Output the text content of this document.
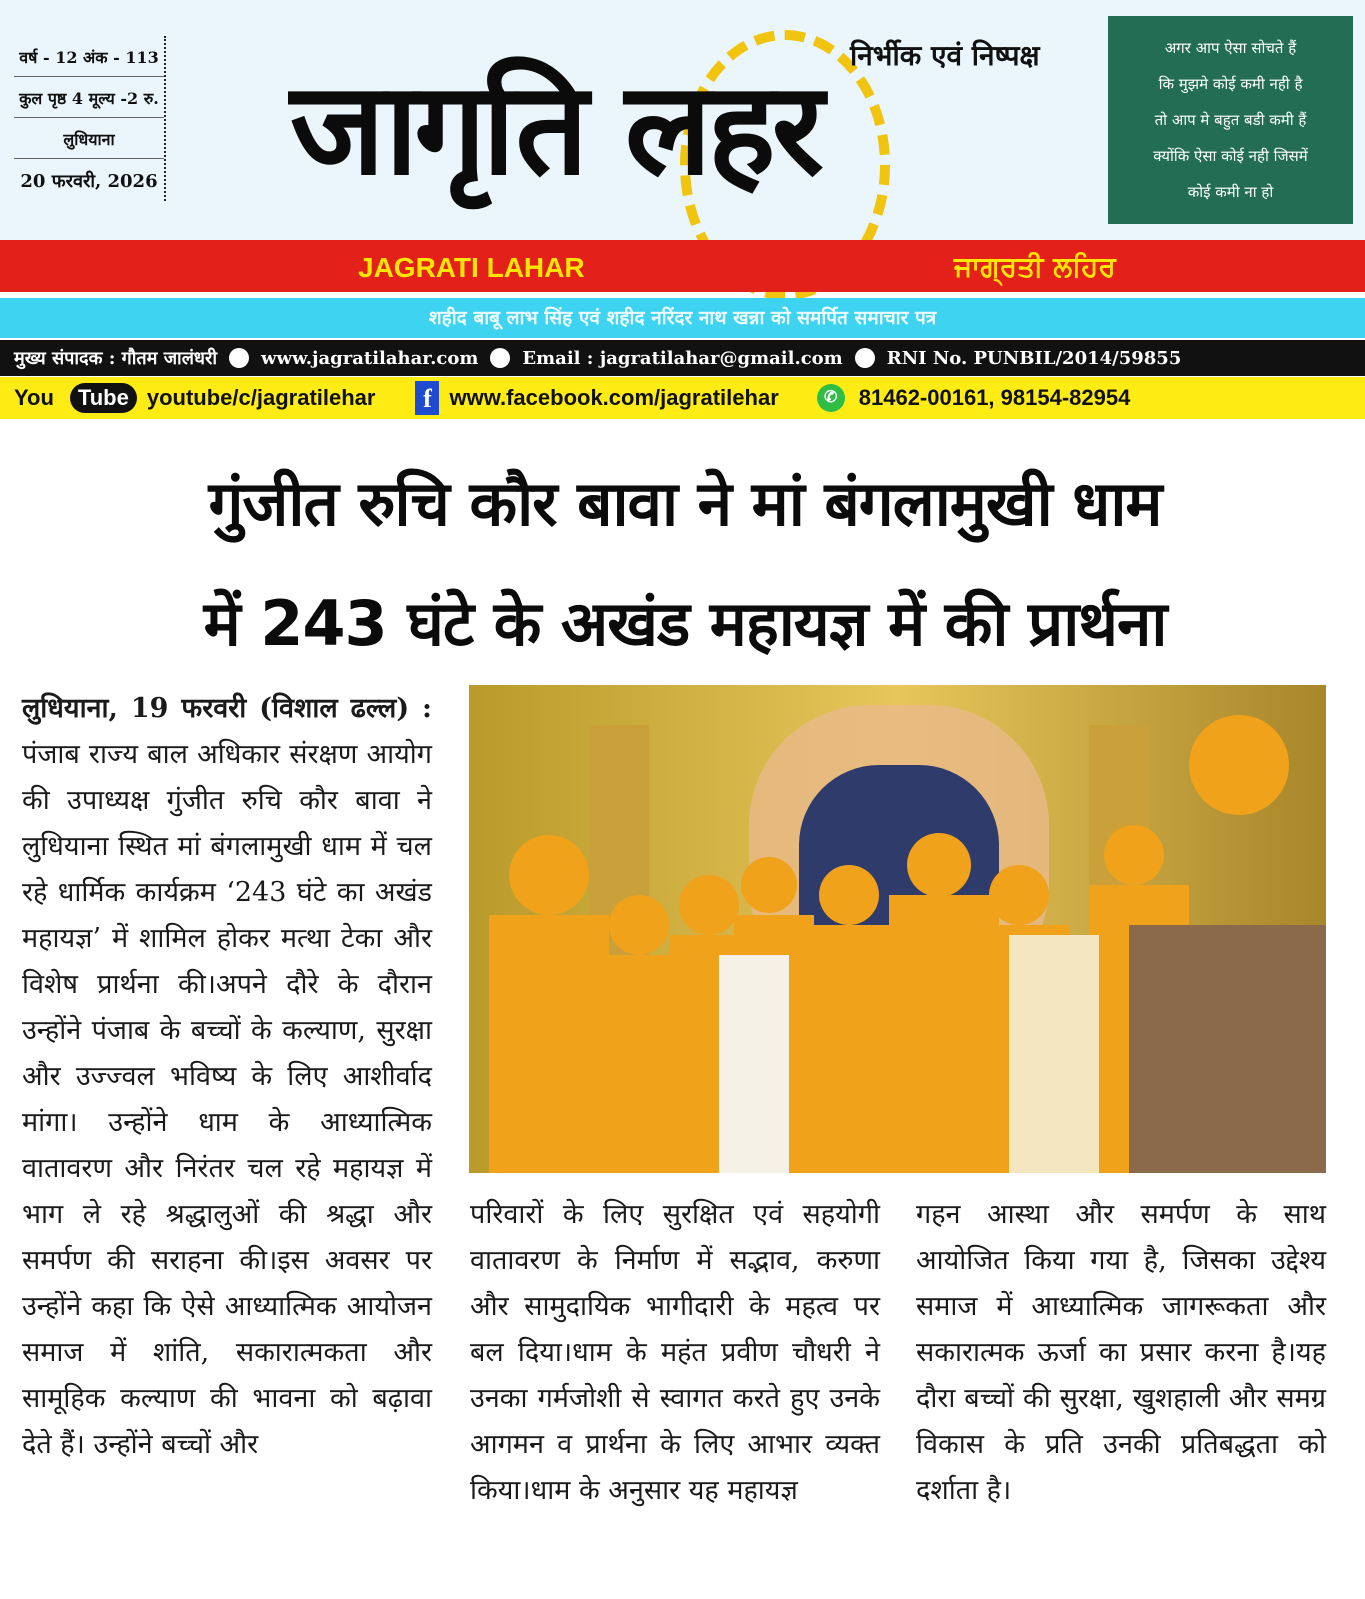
वर्ष - 12 अंक - 113
कुल पृष्ठ 4 मूल्य -2 रु.
लुधियाना
20 फरवरी, 2026 जागृति लहर निर्भीक एवं निष्पक्ष	अगर आप ऐसा सोचते हैं
कि मुझमे कोई कमी नही है
तो आप मे बहुत बडी कमी हैं
क्योंकि ऐसा कोई नही जिसमें
कोई कमी ना हो
JAGRATI LAHAR	ਜਾਗ੍ਰਤੀ ਲਹਿਰ
शहीद बाबू लाभ सिंह एवं शहीद नरिंदर नाथ खन्ना को समर्पित समाचार पत्र
मुख्य संपादक : गौतम जालंधरी www.jagratilahar.com Email : jagratilahar@gmail.com RNI No. PUNBIL/2014/59855
You	Tube youtube/c/jagratilehar f www.facebook.com/jagratilehar	✆ 81462-00161, 98154-82954
गुंजीत रुचि कौर बावा ने मां बंगलामुखी धाम
में 243 घंटे के अखंड महायज्ञ में की प्रार्थना
लुधियाना, 19 फरवरी (विशाल ढल्ल) : पंजाब राज्य बाल अधिकार संरक्षण आयोग की उपाध्यक्ष गुंजीत रुचि कौर बावा ने लुधियाना स्थित मां बंगलामुखी धाम में चल रहे धार्मिक कार्यक्रम ‘243 घंटे का अखंड महायज्ञ’ में शामिल होकर मत्था टेका और विशेष प्रार्थना की।अपने दौरे के दौरान उन्होंने पंजाब के बच्चों के कल्याण, सुरक्षा और उज्ज्वल भविष्य के लिए आशीर्वाद मांगा। उन्होंने धाम के आध्यात्मिक वातावरण और निरंतर चल रहे महायज्ञ में भाग ले रहे श्रद्धालुओं की श्रद्धा और समर्पण की सराहना की।इस अवसर पर उन्होंने कहा कि ऐसे आध्यात्मिक आयोजन समाज में शांति, सकारात्मकता और सामूहिक कल्याण की भावना को बढ़ावा देते हैं। उन्होंने बच्चों और
परिवारों के लिए सुरक्षित एवं सहयोगी वातावरण के निर्माण में सद्भाव, करुणा और सामुदायिक भागीदारी के महत्व पर बल दिया।धाम के महंत प्रवीण चौधरी ने उनका गर्मजोशी से स्वागत करते हुए उनके आगमन व प्रार्थना के लिए आभार व्यक्त किया।धाम के अनुसार यह महायज्ञ
गहन आस्था और समर्पण के साथ आयोजित किया गया है, जिसका उद्देश्य समाज में आध्यात्मिक जागरूकता और सकारात्मक ऊर्जा का प्रसार करना है।यह दौरा बच्चों की सुरक्षा, खुशहाली और समग्र विकास के प्रति उनकी प्रतिबद्धता को दर्शाता है।
